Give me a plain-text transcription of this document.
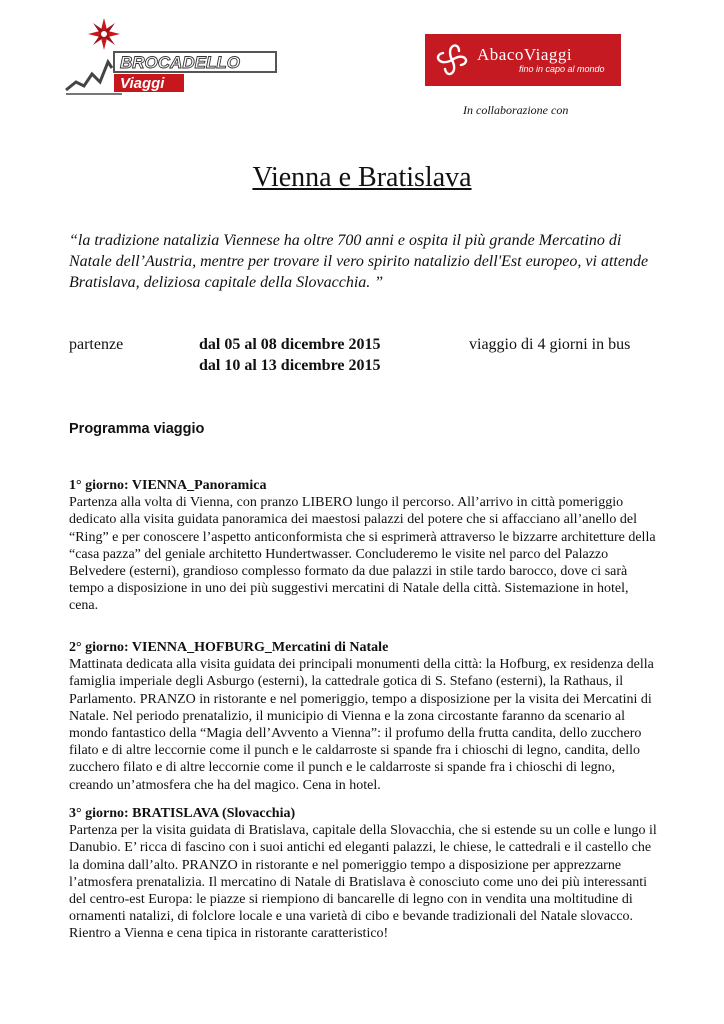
BROCADELLO
Viaggi
AbacoViaggi
fino in capo al mondo
In collaborazione con
Vienna e Bratislava

“la tradizione natalizia Viennese ha oltre 700 anni e ospita il più grande Mercatino di Natale dell’Austria, mentre per trovare il vero spirito natalizio dell'Est europeo, vi attende Bratislava, deliziosa capitale della Slovacchia. ”

partenze	dal 05 al 08 dicembre 2015
dal 10 al 13 dicembre 2015
viaggio di 4 giorni in bus
Programma viaggio
1° giorno: VIENNA_Panoramica

Partenza alla volta di Vienna, con pranzo LIBERO lungo il percorso. All’arrivo in città pomeriggio dedicato alla visita guidata panoramica dei maestosi palazzi del potere che si affacciano all’anello del “Ring” e per conoscere l’aspetto anticonformista che si esprimerà attraverso le bizzarre architetture della “casa pazza” del geniale architetto Hundertwasser. Concluderemo le visite nel parco del Palazzo Belvedere (esterni), grandioso complesso formato da due palazzi in stile tardo barocco, dove ci sarà tempo a disposizione in uno dei più suggestivi mercatini di Natale della città. Sistemazione in hotel, cena.

2° giorno: VIENNA_HOFBURG_Mercatini di Natale

Mattinata dedicata alla visita guidata dei principali monumenti della città: la Hofburg, ex residenza della famiglia imperiale degli Asburgo (esterni), la cattedrale gotica di S. Stefano (esterni), la Rathaus, il Parlamento. PRANZO in ristorante e nel pomeriggio, tempo a disposizione per la visita dei Mercatini di Natale. Nel periodo prenatalizio, il municipio di Vienna e la zona circostante faranno da scenario al mondo fantastico della “Magia dell’Avvento a Vienna”: il profumo della frutta candita, dello zucchero filato e di altre leccornie come il punch e le caldarroste si spande fra i chioschi di legno, candita, dello zucchero filato e di altre leccornie come il punch e le caldarroste si spande fra i chioschi di legno, creando un’atmosfera che ha del magico. Cena in hotel.

3° giorno: BRATISLAVA (Slovacchia)

Partenza per la visita guidata di Bratislava, capitale della Slovacchia, che si estende su un colle e lungo il Danubio. E’ ricca di fascino con i suoi antichi ed eleganti palazzi, le chiese, le cattedrali e il castello che la domina dall’alto. PRANZO in ristorante e nel pomeriggio tempo a disposizione per apprezzarne l’atmosfera prenatalizia. Il mercatino di Natale di Bratislava è conosciuto come uno dei più interessanti del centro-est Europa: le piazze si riempiono di bancarelle di legno con in vendita una moltitudine di ornamenti natalizi, di folclore locale e una varietà di cibo e bevande tradizionali del Natale slovacco. Rientro a Vienna e cena tipica in ristorante caratteristico!
